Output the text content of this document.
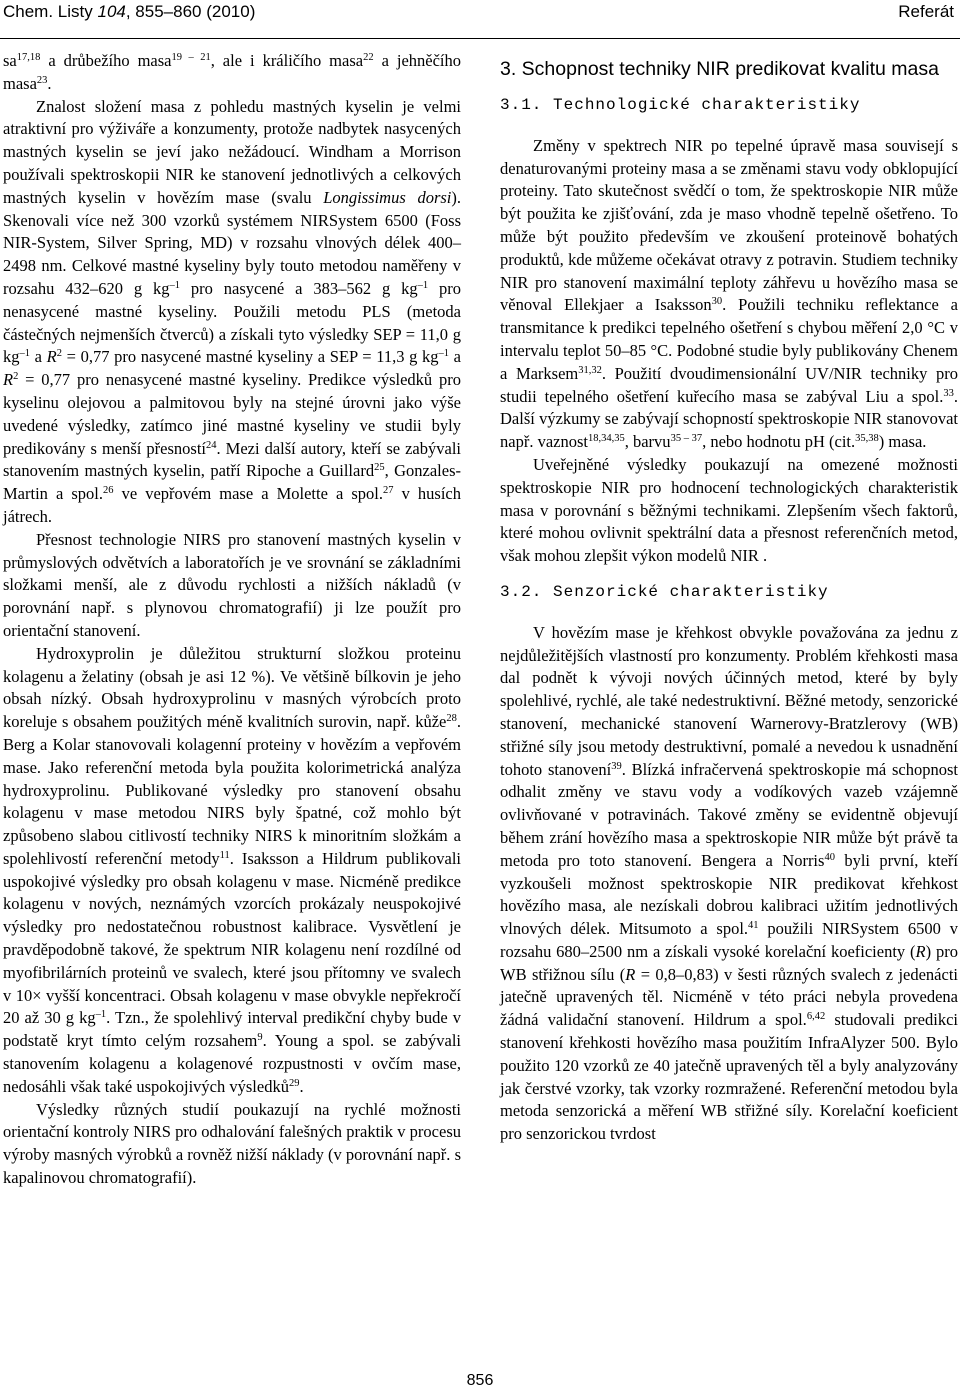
Chem. Listy 104, 855–860 (2010)	Referát

sa$^{17,18}$ a drůbežího masa$^{19 - 21}$, ale i králičího masa$^{22}$ a jehněčího masa$^{23}$.

Znalost složení masa z pohledu mastných kyselin je velmi atraktivní pro výživáře a konzumenty, protože nadbytek nasycených mastných kyselin se jeví jako nežádoucí. Windham a Morrison používali spektroskopii NIR ke stanovení jednotlivých a celkových mastných kyselin v hovězím mase (svalu Longissimus dorsi). Skenovali více než 300 vzorků systémem NIRSystem 6500 (Foss NIR-System, Silver Spring, MD) v rozsahu vlnových délek 400–2498 nm. Celkové mastné kyseliny byly touto metodou naměřeny v rozsahu 432–620 g $kg^{-1}$ pro nasycené a 383–562 g $kg^{-1}$ pro nenasycené mastné kyseliny. Použili metodu PLS (metoda částečných nejmenších čtverců) a získali tyto výsledky SEP = 11,0 g $kg^{-1}$ a $R^2 = 0,77$ pro nasycené mastné kyseliny a SEP = 11,3 g $kg^{-1}$ a $R^2 = 0,77$ pro nenasycené mastné kyseliny. Predikce výsledků pro kyselinu olejovou a palmitovou byly na stejné úrovni jako výše uvedené výsledky, zatímco jiné mastné kyseliny ve studii byly predikovány s menší přesností$^{24}$. Mezi další autory, kteří se zabývali stanovením mastných kyselin, patří Ripoche a Guillard$^{25}$, Gonzales-Martin a spol.$^{26}$ ve vepřovém mase a Molette a spol.$^{27}$ v husích játrech.

Přesnost technologie NIRS pro stanovení mastných kyselin v průmyslových odvětvích a laboratořích je ve srovnání se základními složkami menší, ale z důvodu rychlosti a nižších nákladů (v porovnání např. s plynovou chromatografií) ji lze použít pro orientační stanovení.

Hydroxyprolin je důležitou strukturní složkou proteinu kolagenu a želatiny (obsah je asi 12 %). Ve většině bílkovin je jeho obsah nízký. Obsah hydroxyprolinu v masných výrobcích proto koreluje s obsahem použitých méně kvalitních surovin, např. kůže$^{28}$. Berg a Kolar stanovovali kolagenní proteiny v hovězím a vepřovém mase. Jako referenční metoda byla použita kolorimetrická analýza hydroxyprolinu. Publikované výsledky pro stanovení obsahu kolagenu v mase metodou NIRS byly špatné, což mohlo být způsobeno slabou citlivostí techniky NIRS k minoritním složkám a spolehlivostí referenční metody$^{11}$. Isaksson a Hildrum publikovali uspokojivé výsledky pro obsah kolagenu v mase. Nicméně predikce kolagenu v nových, neznámých vzorcích prokázaly neuspokojivé výsledky pro nedostatečnou robustnost kalibrace. Vysvětlení je pravděpodobně takové, že spektrum NIR kolagenu není rozdílné od myofibrilárních proteinů ve svalech, které jsou přítomny ve svalech v 10× vyšší koncentraci. Obsah kolagenu v mase obvykle nepřekročí 20 až 30 g $kg^{-1}$. Tzn., že spolehlivý interval predikční chyby bude v podstatě kryt tímto celým rozsahem$^9$. Young a spol. se zabývali stanovením kolagenu a kolagenové rozpustnosti v ovčím mase, nedosáhli však také uspokojivých výsledků$^{29}$.

Výsledky různých studií poukazují na rychlé možnosti orientační kontroly NIRS pro odhalování falešných praktik v procesu výroby masných výrobků a rovněž nižší náklady (v porovnání např. s kapalinovou chromatografií).

3. Schopnost techniky NIR predikovat kvalitu masa
3.1. Technologické charakteristiky

Změny v spektrech NIR po tepelné úpravě masa souvisejí s denaturovanými proteiny masa a se změnami stavu vody obklopující proteiny. Tato skutečnost svědčí o tom, že spektroskopie NIR může být použita ke zjišťování, zda je maso vhodně tepelně ošetřeno. To může být použito především ve zkoušení proteinově bohatých produktů, kde můžeme očekávat otravy z potravin. Studiem techniky NIR pro stanovení maximální teploty záhřevu u hovězího masa se věnoval Ellekjaer a Isaksson$^{30}$. Použili techniku reflektance a transmitance k predikci tepelného ošetření s chybou měření 2,0 °C v intervalu teplot 50–85 °C. Podobné studie byly publikovány Chenem a Marksem$^{31,32}$. Použití dvoudimensionální UV/NIR techniky pro studii tepelného ošetření kuřecího masa se zabýval Liu a spol.$^{33}$. Další výzkumy se zabývají schopností spektroskopie NIR stanovovat např. vaznost$^{18,34,35}$, barvu$^{35 - 37}$, nebo hodnotu pH (cit.$^{35,38}$) masa.

Uveřejněné výsledky poukazují na omezené možnosti spektroskopie NIR pro hodnocení technologických charakteristik masa v porovnání s běžnými technikami. Zlepšením všech faktorů, které mohou ovlivnit spektrální data a přesnost referenčních metod, však mohou zlepšit výkon modelů NIR .

3.2. Senzorické charakteristiky

V hovězím mase je křehkost obvykle považována za jednu z nejdůležitějších vlastností pro konzumenty. Problém křehkosti masa dal podnět k vývoji nových účinných metod, které by byly spolehlivé, rychlé, ale také nedestruktivní. Běžné metody, senzorické stanovení, mechanické stanovení Warnerovy-Bratzlerovy (WB) střižné síly jsou metody destruktivní, pomalé a nevedou k usnadnění tohoto stanovení$^{39}$. Blízká infračervená spektroskopie má schopnost odhalit změny ve stavu vody a vodíkových vazeb vzájemně ovlivňované v potravinách. Takové změny se evidentně objevují během zrání hovězího masa a spektroskopie NIR může být právě ta metoda pro toto stanovení. Bengera a Norris$^{40}$ byli první, kteří vyzkoušeli možnost spektroskopie NIR predikovat křehkost hovězího masa, ale nezískali dobrou kalibraci užitím jednotlivých vlnových délek. Mitsumoto a spol.$^{41}$ použili NIRSystem 6500 v rozsahu 680–2500 nm a získali vysoké korelační koeficienty (R) pro WB střižnou sílu (R = 0,8–0,83) v šesti různých svalech z jedenácti jatečně upravených těl. Nicméně v této práci nebyla provedena žádná validační stanovení. Hildrum a spol.$^{6,42}$ studovali predikci stanovení křehkosti hovězího masa použitím InfraAlyzer 500. Bylo použito 120 vzorků ze 40 jatečně upravených těl a byly analyzovány jak čerstvé vzorky, tak vzorky rozmražené. Referenční metodou byla metoda senzorická a měření WB střižné síly. Korelační koeficient pro senzorickou tvrdost

856
